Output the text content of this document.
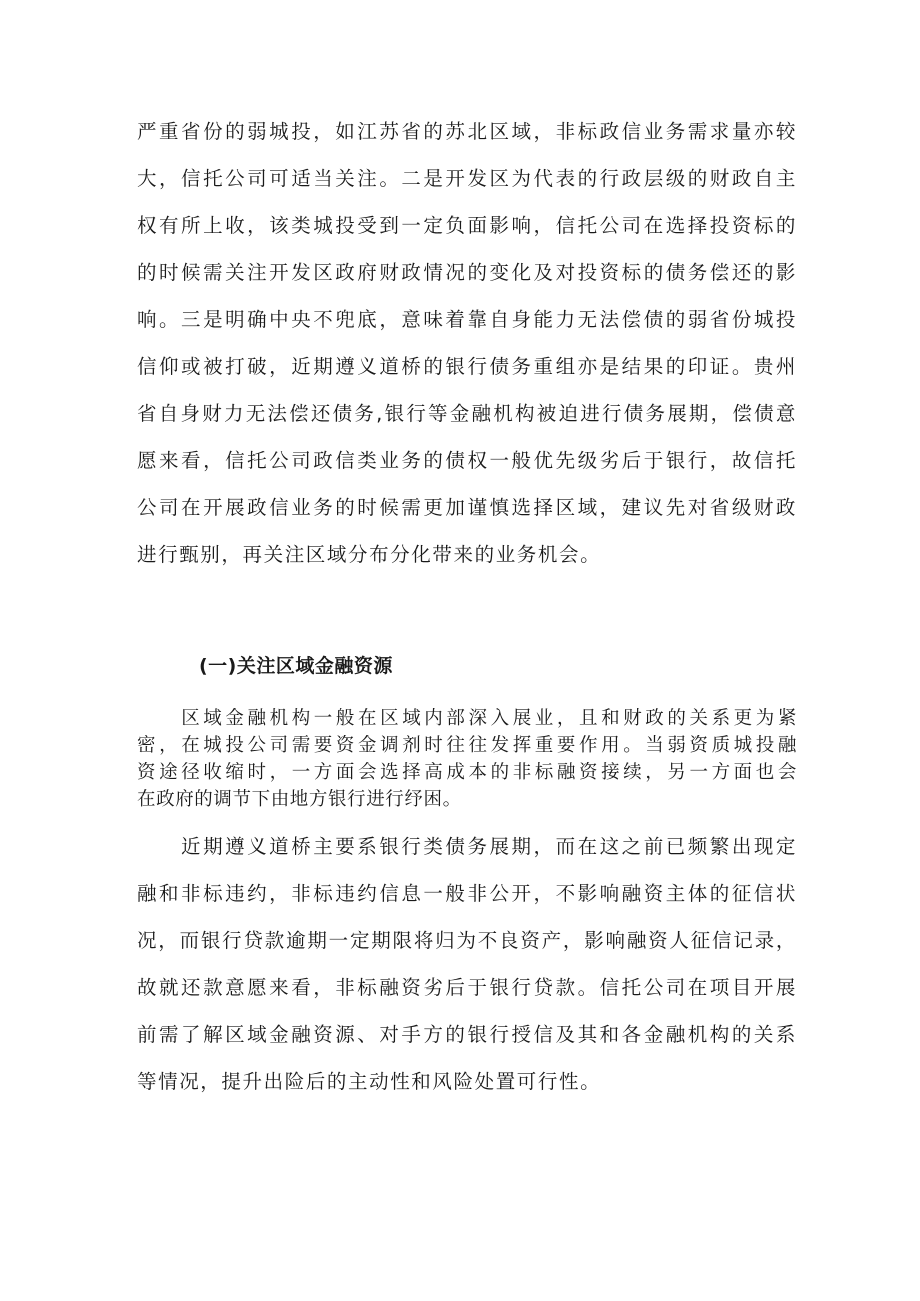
严重省份的弱城投，如江苏省的苏北区域，非标政信业务需求量亦较
大，信托公司可适当关注。二是开发区为代表的行政层级的财政自主
权有所上收，该类城投受到一定负面影响，信托公司在选择投资标的
的时候需关注开发区政府财政情况的变化及对投资标的债务偿还的影
响。三是明确中央不兜底，意味着靠自身能力无法偿债的弱省份城投
信仰或被打破，近期遵义道桥的银行债务重组亦是结果的印证。贵州
省自身财力无法偿还债务,银行等金融机构被迫进行债务展期，偿债意
愿来看，信托公司政信类业务的债权一般优先级劣后于银行，故信托
公司在开展政信业务的时候需更加谨慎选择区域，建议先对省级财政
进行甄别，再关注区域分布分化带来的业务机会。
(一)关注区域金融资源
　　区域金融机构一般在区域内部深入展业，且和财政的关系更为紧
密，在城投公司需要资金调剂时往往发挥重要作用。当弱资质城投融
资途径收缩时，一方面会选择高成本的非标融资接续，另一方面也会
在政府的调节下由地方银行进行纾困。
　　近期遵义道桥主要系银行类债务展期，而在这之前已频繁出现定
融和非标违约，非标违约信息一般非公开，不影响融资主体的征信状
况，而银行贷款逾期一定期限将归为不良资产，影响融资人征信记录，
故就还款意愿来看，非标融资劣后于银行贷款。信托公司在项目开展
前需了解区域金融资源、对手方的银行授信及其和各金融机构的关系
等情况，提升出险后的主动性和风险处置可行性。
